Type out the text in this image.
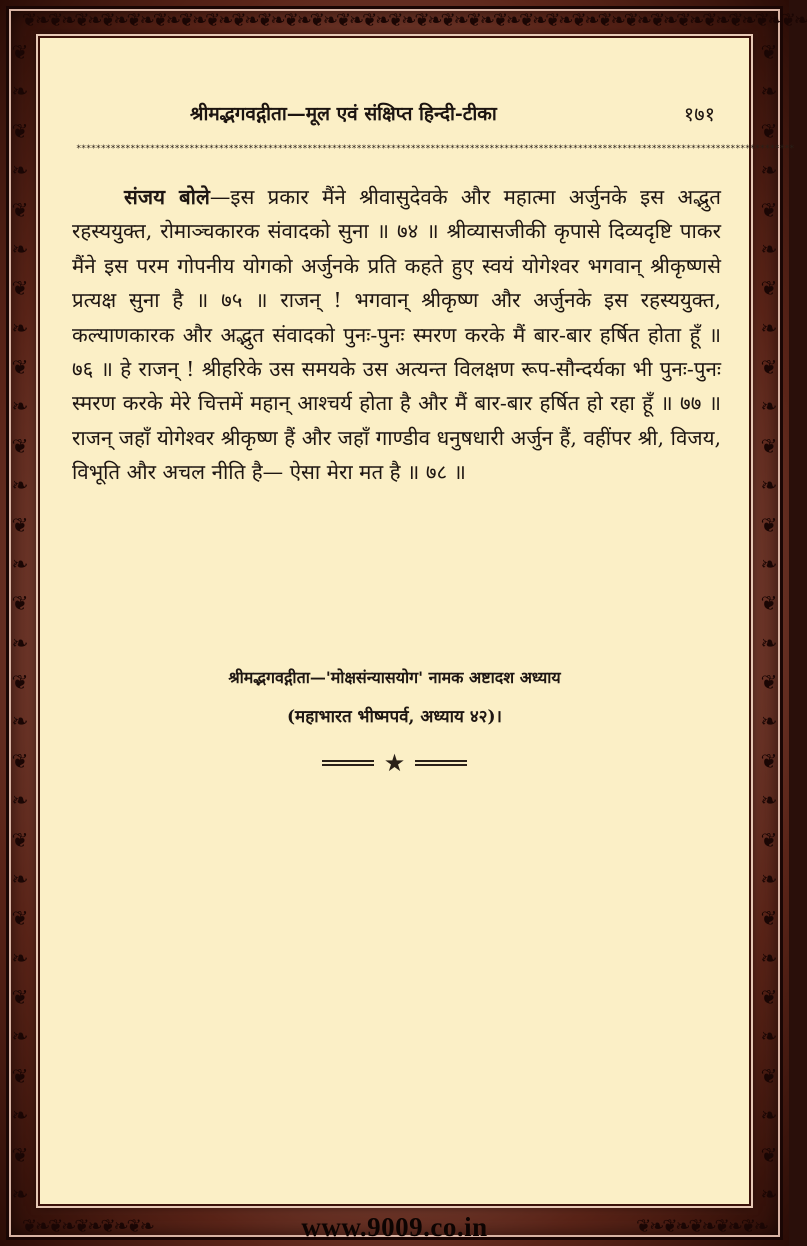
❦❧❦❧❦❧❦❧❦❧❦❧❦❧❦❧❦❧❦❧❦❧❦❧❦❧❦❧❦❧❦❧❦❧❦❧❦❧❦❧❦❧❦❧❦❧❦❧❦❧❦❧❦❧❦❧❦❧❦❧
❦❧❦❧❦❧❦❧❦❧	❦❧❦❧❦❧❦❧❦❧
❦
❧
❦
❧
❦
❧
❦
❧
❦
❧
❦
❧
❦
❧
❦
❧
❦
❧
❦
❧
❦
❧
❦
❧
❦
❧
❦
❧
❦
❧
❦
❧
❦
❧
❦
❧
❦
❧
❦
❧
❦
❧
❦
❧
❦
❧
❦
❧
❦
❧
❦
❧
❦
❧
❦
❧
❦
❧
❦
❧
श्रीमद्भगवद्गीता—मूल एवं संक्षिप्त हिन्दी-टीका	१७१
**************************************************************************************************************************************************
संजय बोले—इस प्रकार मैंने श्रीवासुदेवके और महात्मा अर्जुनके इस अद्भुत रहस्ययुक्त, रोमाञ्चकारक संवादको सुना ॥ ७४ ॥ श्रीव्यासजीकी कृपासे दिव्यदृष्टि पाकर मैंने इस परम गोपनीय योगको अर्जुनके प्रति कहते हुए स्वयं योगेश्वर भगवान् श्रीकृष्णसे प्रत्यक्ष सुना है ॥ ७५ ॥ राजन् ! भगवान् श्रीकृष्ण और अर्जुनके इस रहस्ययुक्त, कल्याणकारक और अद्भुत संवादको पुनः-पुनः स्मरण करके मैं बार-बार हर्षित होता हूँ ॥ ७६ ॥ हे राजन् ! श्रीहरिके उस समयके उस अत्यन्त विलक्षण रूप-सौन्दर्यका भी पुनः-पुनः स्मरण करके मेरे चित्तमें महान् आश्चर्य होता है और मैं बार-बार हर्षित हो रहा हूँ ॥ ७७ ॥ राजन् जहाँ योगेश्वर श्रीकृष्ण हैं और जहाँ गाण्डीव धनुषधारी अर्जुन हैं, वहींपर श्री, विजय, विभूति और अचल नीति है— ऐसा मेरा मत है ॥ ७८ ॥
श्रीमद्भगवद्गीता—'मोक्षसंन्यासयोग' नामक अष्टादश अध्याय
(महाभारत भीष्मपर्व, अध्याय ४२)।
★
www.9009.co.in
